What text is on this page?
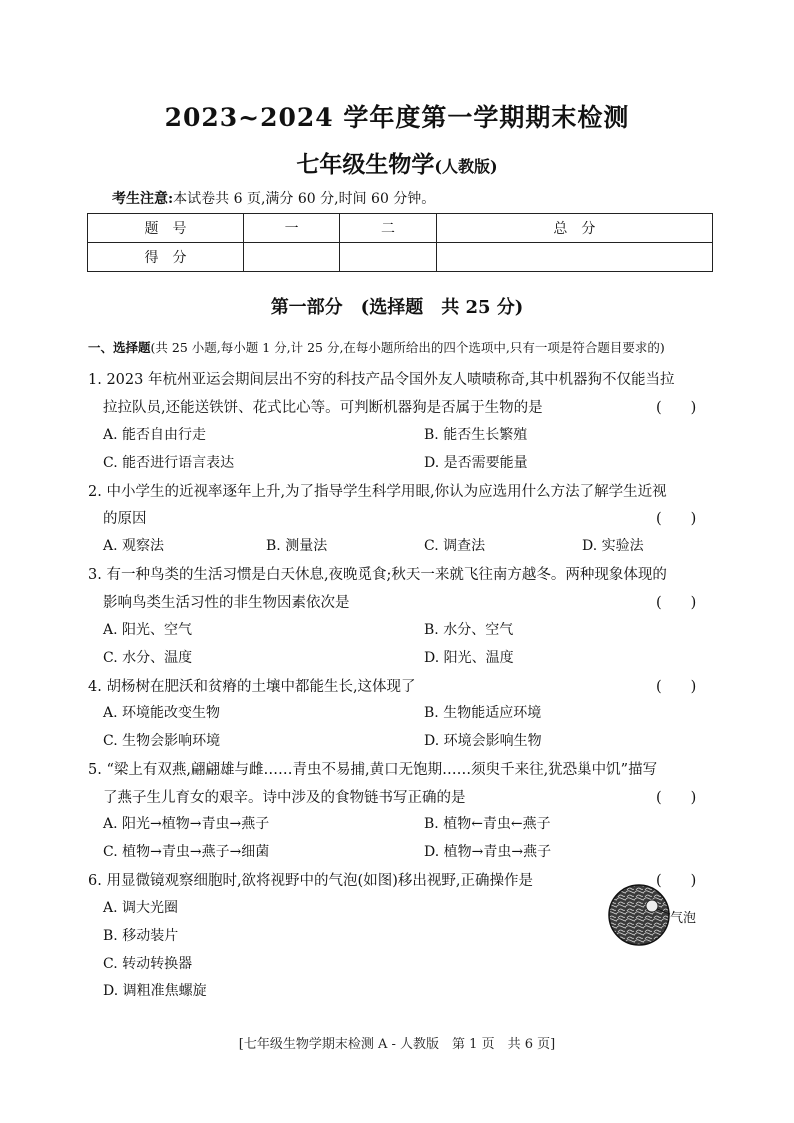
2023~2024 学年度第一学期期末检测
七年级生物学(人教版)
考生注意:本试卷共 6 页,满分 60 分,时间 60 分钟。
题　号	一	二	总　分
得　分			
第一部分　(选择题　共 25 分)
一、选择题(共 25 小题,每小题 1 分,计 25 分,在每小题所给出的四个选项中,只有一项是符合题目要求的)
1. 2023 年杭州亚运会期间层出不穷的科技产品令国外友人啧啧称奇,其中机器狗不仅能当拉
拉拉队员,还能送铁饼、花式比心等。可判断机器狗是否属于生物的是	(　　)
A. 能否自由行走	B. 能否生长繁殖
C. 能否进行语言表达	D. 是否需要能量
2. 中小学生的近视率逐年上升,为了指导学生科学用眼,你认为应选用什么方法了解学生近视
的原因	(　　)
A. 观察法	B. 测量法	C. 调查法	D. 实验法
3. 有一种鸟类的生活习惯是白天休息,夜晚觅食;秋天一来就飞往南方越冬。两种现象体现的
影响鸟类生活习性的非生物因素依次是	(　　)
A. 阳光、空气	B. 水分、空气
C. 水分、温度	D. 阳光、温度
4. 胡杨树在肥沃和贫瘠的土壤中都能生长,这体现了	(　　)
A. 环境能改变生物	B. 生物能适应环境
C. 生物会影响环境	D. 环境会影响生物
5. “梁上有双燕,翩翩雄与雌……青虫不易捕,黄口无饱期……须臾千来往,犹恐巢中饥”描写
了燕子生儿育女的艰辛。诗中涉及的食物链书写正确的是	(　　)
A. 阳光→植物→青虫→燕子	B. 植物←青虫←燕子
C. 植物→青虫→燕子→细菌	D. 植物→青虫→燕子
6. 用显微镜观察细胞时,欲将视野中的气泡(如图)移出视野,正确操作是	(　　)
A. 调大光圈
B. 移动装片
C. 转动转换器
D. 调粗准焦螺旋
气泡
[七年级生物学期末检测 A - 人教版　第 1 页　共 6 页]
